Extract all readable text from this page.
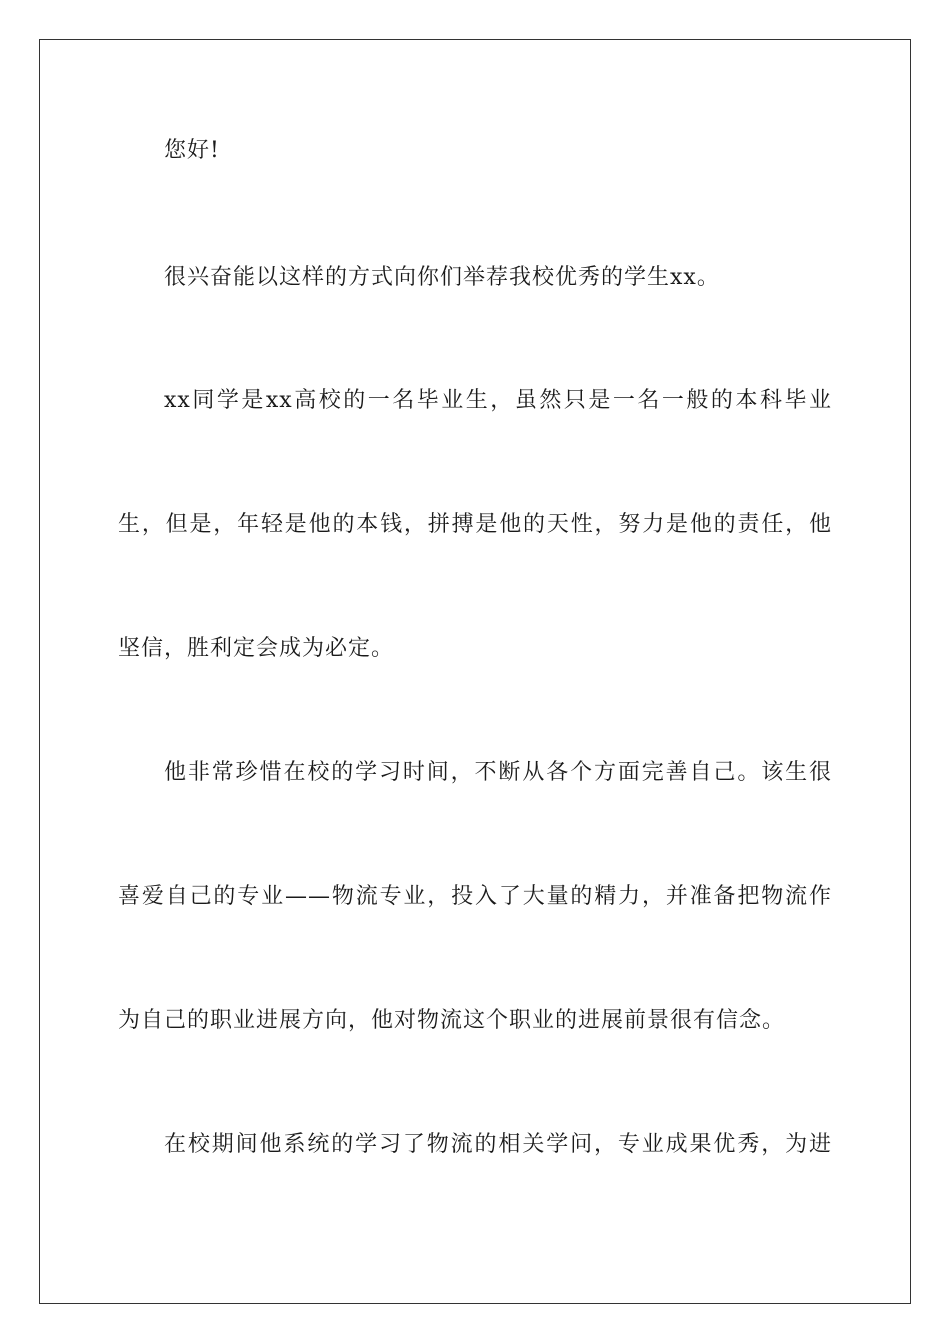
您好!
很兴奋能以这样的方式向你们举荐我校优秀的学生xx。
xx同学是xx高校的一名毕业生，虽然只是一名一般的本科毕业
生，但是，年轻是他的本钱，拼搏是他的天性，努力是他的责任，他
坚信，胜利定会成为必定。
他非常珍惜在校的学习时间，不断从各个方面完善自己。该生很
喜爱自己的专业——物流专业，投入了大量的精力，并准备把物流作
为自己的职业进展方向，他对物流这个职业的进展前景很有信念。
在校期间他系统的学习了物流的相关学问，专业成果优秀，为进
